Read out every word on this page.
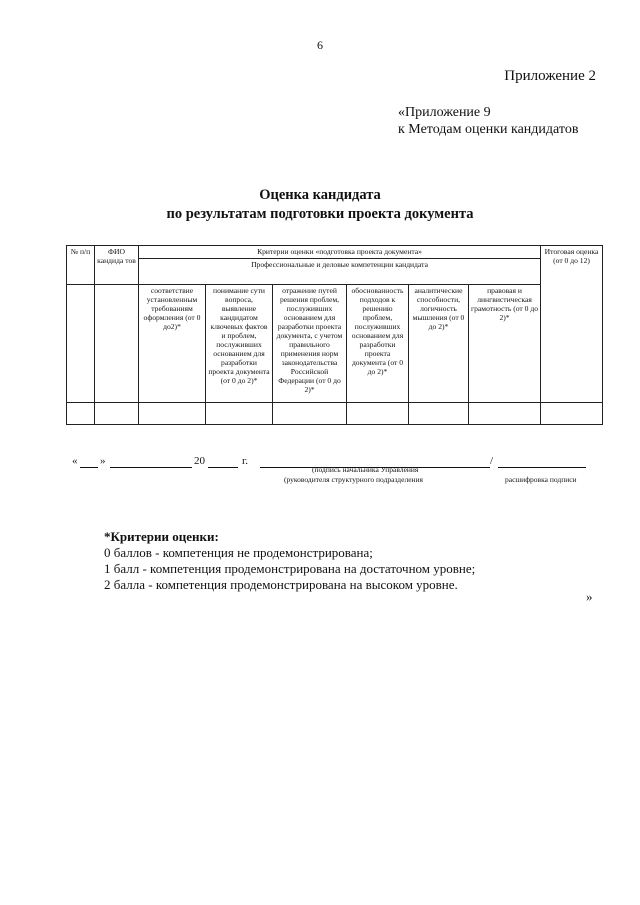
6
Приложение 2
«Приложение 9
к Методам оценки кандидатов
Оценка кандидата
по результатам подготовки проекта документа
№ п/п	ФИО кандида тов	Критерии оценки «подготовка проекта документа»						Итоговая оценка (от 0 до 12)
		Профессиональные и деловые компетенции кандидата						
		соответствие установленным требованиям оформления (от 0 до2)*	понимание сути вопроса, выявление кандидатом ключевых фактов и проблем, послуживших основанием для разработки проекта документа (от 0 до 2)*	отражение путей решения проблем, послуживших основанием для разработки проекта документа, с учетом правильного применения норм законодательства Российской Федерации (от 0 до 2)*	обоснованность подходов к решению проблем, послуживших основанием для разработки проекта документа (от 0 до 2)*	аналитические способности, логичность мышления (от 0 до 2)*	правовая и лингвистическая грамотность (от 0 до 2)*	

« »	20	г.	/
(подпись начальника Управления
(руководителя структурного подразделения	расшифровка подписи
*Критерии оценки:
0 баллов - компетенция не продемонстрирована;
1 балл - компетенция продемонстрирована на достаточном уровне;
2 балла - компетенция продемонстрирована на высоком уровне.
»
